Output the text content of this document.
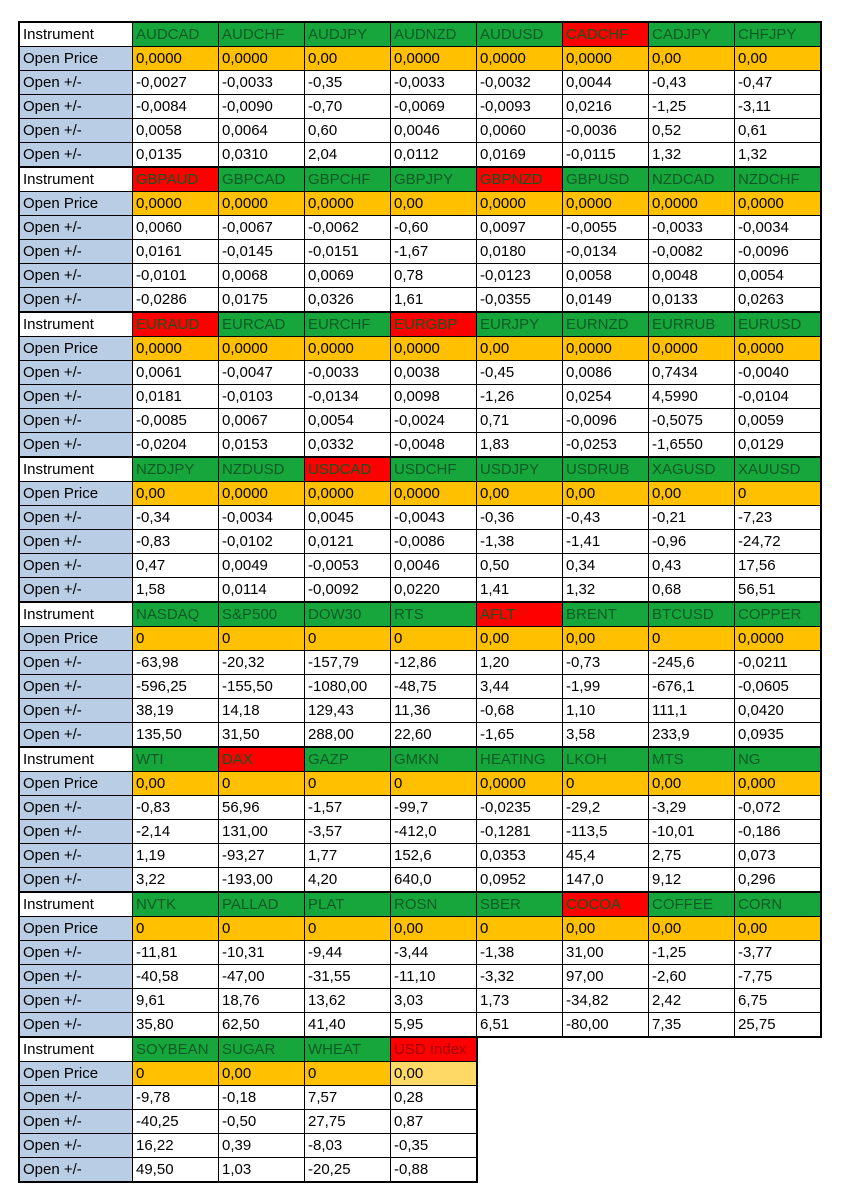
Instrument	AUDCAD	AUDCHF	AUDJPY	AUDNZD	AUDUSD	CADCHF	CADJPY	CHFJPY
Open Price	0,0000	0,0000	0,00	0,0000	0,0000	0,0000	0,00	0,00
Open +/-	-0,0027	-0,0033	-0,35	-0,0033	-0,0032	0,0044	-0,43	-0,47
Open +/-	-0,0084	-0,0090	-0,70	-0,0069	-0,0093	0,0216	-1,25	-3,11
Open +/-	0,0058	0,0064	0,60	0,0046	0,0060	-0,0036	0,52	0,61
Open +/-	0,0135	0,0310	2,04	0,0112	0,0169	-0,0115	1,32	1,32
Instrument	GBPAUD	GBPCAD	GBPCHF	GBPJPY	GBPNZD	GBPUSD	NZDCAD	NZDCHF
Open Price	0,0000	0,0000	0,0000	0,00	0,0000	0,0000	0,0000	0,0000
Open +/-	0,0060	-0,0067	-0,0062	-0,60	0,0097	-0,0055	-0,0033	-0,0034
Open +/-	0,0161	-0,0145	-0,0151	-1,67	0,0180	-0,0134	-0,0082	-0,0096
Open +/-	-0,0101	0,0068	0,0069	0,78	-0,0123	0,0058	0,0048	0,0054
Open +/-	-0,0286	0,0175	0,0326	1,61	-0,0355	0,0149	0,0133	0,0263
Instrument	EURAUD	EURCAD	EURCHF	EURGBP	EURJPY	EURNZD	EURRUB	EURUSD
Open Price	0,0000	0,0000	0,0000	0,0000	0,00	0,0000	0,0000	0,0000
Open +/-	0,0061	-0,0047	-0,0033	0,0038	-0,45	0,0086	0,7434	-0,0040
Open +/-	0,0181	-0,0103	-0,0134	0,0098	-1,26	0,0254	4,5990	-0,0104
Open +/-	-0,0085	0,0067	0,0054	-0,0024	0,71	-0,0096	-0,5075	0,0059
Open +/-	-0,0204	0,0153	0,0332	-0,0048	1,83	-0,0253	-1,6550	0,0129
Instrument	NZDJPY	NZDUSD	USDCAD	USDCHF	USDJPY	USDRUB	XAGUSD	XAUUSD
Open Price	0,00	0,0000	0,0000	0,0000	0,00	0,00	0,00	0
Open +/-	-0,34	-0,0034	0,0045	-0,0043	-0,36	-0,43	-0,21	-7,23
Open +/-	-0,83	-0,0102	0,0121	-0,0086	-1,38	-1,41	-0,96	-24,72
Open +/-	0,47	0,0049	-0,0053	0,0046	0,50	0,34	0,43	17,56
Open +/-	1,58	0,0114	-0,0092	0,0220	1,41	1,32	0,68	56,51
Instrument	NASDAQ	S&P500	DOW30	RTS	AFLT	BRENT	BTCUSD	COPPER
Open Price	0	0	0	0	0,00	0,00	0	0,0000
Open +/-	-63,98	-20,32	-157,79	-12,86	1,20	-0,73	-245,6	-0,0211
Open +/-	-596,25	-155,50	-1080,00	-48,75	3,44	-1,99	-676,1	-0,0605
Open +/-	38,19	14,18	129,43	11,36	-0,68	1,10	111,1	0,0420
Open +/-	135,50	31,50	288,00	22,60	-1,65	3,58	233,9	0,0935
Instrument	WTI	DAX	GAZP	GMKN	HEATING	LKOH	MTS	NG
Open Price	0,00	0	0	0	0,0000	0	0,00	0,000
Open +/-	-0,83	56,96	-1,57	-99,7	-0,0235	-29,2	-3,29	-0,072
Open +/-	-2,14	131,00	-3,57	-412,0	-0,1281	-113,5	-10,01	-0,186
Open +/-	1,19	-93,27	1,77	152,6	0,0353	45,4	2,75	0,073
Open +/-	3,22	-193,00	4,20	640,0	0,0952	147,0	9,12	0,296
Instrument	NVTK	PALLAD	PLAT	ROSN	SBER	COCOA	COFFEE	CORN
Open Price	0	0	0	0,00	0	0,00	0,00	0,00
Open +/-	-11,81	-10,31	-9,44	-3,44	-1,38	31,00	-1,25	-3,77
Open +/-	-40,58	-47,00	-31,55	-11,10	-3,32	97,00	-2,60	-7,75
Open +/-	9,61	18,76	13,62	3,03	1,73	-34,82	2,42	6,75
Open +/-	35,80	62,50	41,40	5,95	6,51	-80,00	7,35	25,75
Instrument	SOYBEAN	SUGAR	WHEAT	USD Index
Open Price	0	0,00	0	0,00
Open +/-	-9,78	-0,18	7,57	0,28
Open +/-	-40,25	-0,50	27,75	0,87
Open +/-	16,22	0,39	-8,03	-0,35
Open +/-	49,50	1,03	-20,25	-0,88
